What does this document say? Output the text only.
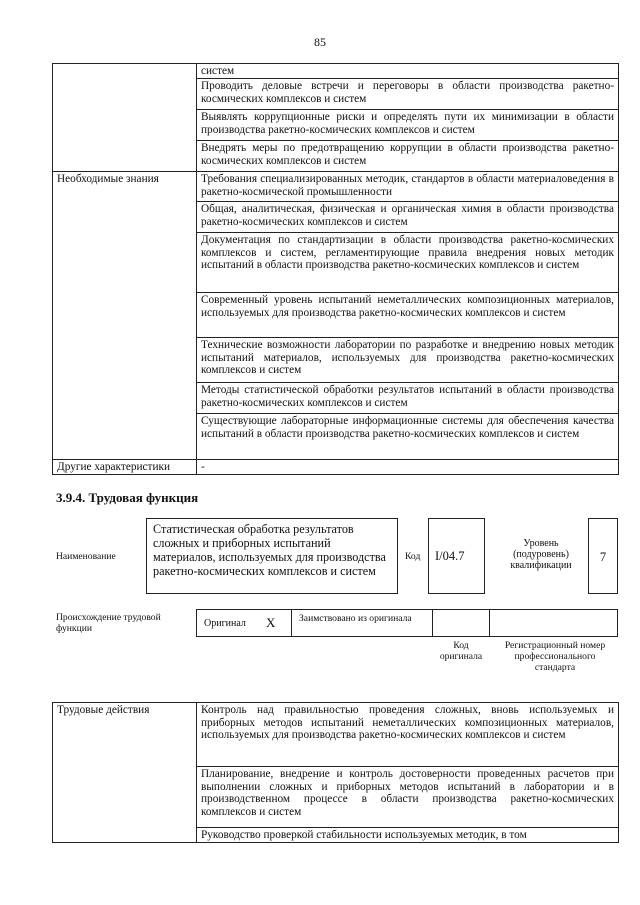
85
	систем
	Проводить деловые встречи и переговоры в области производства ракетно-космических комплексов и систем
	Выявлять коррупционные риски и определять пути их минимизации в области производства ракетно-космических комплексов и систем
	Внедрять меры по предотвращению коррупции в области производства ракетно-космических комплексов и систем
Необходимые знания	Требования специализированных методик, стандартов в области материаловедения в ракетно-космической промышленности
	Общая, аналитическая, физическая и органическая химия в области производства ракетно-космических комплексов и систем
	Документация по стандартизации в области производства ракетно-космических комплексов и систем, регламентирующие правила внедрения новых методик испытаний в области производства ракетно-космических комплексов и систем
	Современный уровень испытаний неметаллических композиционных материалов, используемых для производства ракетно-космических комплексов и систем
	Технические возможности лаборатории по разработке и внедрению новых методик испытаний материалов, используемых для производства ракетно-космических комплексов и систем
	Методы статистической обработки результатов испытаний в области производства ракетно-космических комплексов и систем
	Существующие лабораторные информационные системы для обеспечения качества испытаний в области производства ракетно-космических комплексов и систем
Другие характеристики	-
3.9.4. Трудовая функция
Наименование
Статистическая обработка результатов сложных и приборных испытаний материалов, используемых для производства ракетно-космических комплексов и систем
Код I/04.7
Уровень (подуровень) квалификации
7
Происхождение трудовой функции	Оригинал X Заимствовано из оригинала
Код оригинала
Регистрационный номер профессионального стандарта
Трудовые действия	Контроль над правильностью проведения сложных, вновь используемых и приборных методов испытаний неметаллических композиционных материалов, используемых для производства ракетно-космических комплексов и систем
Планирование, внедрение и контроль достоверности проведенных расчетов при выполнении сложных и приборных методов испытаний в лаборатории и в производственном процессе в области производства ракетно-космических комплексов и систем
Руководство проверкой стабильности используемых методик, в том
